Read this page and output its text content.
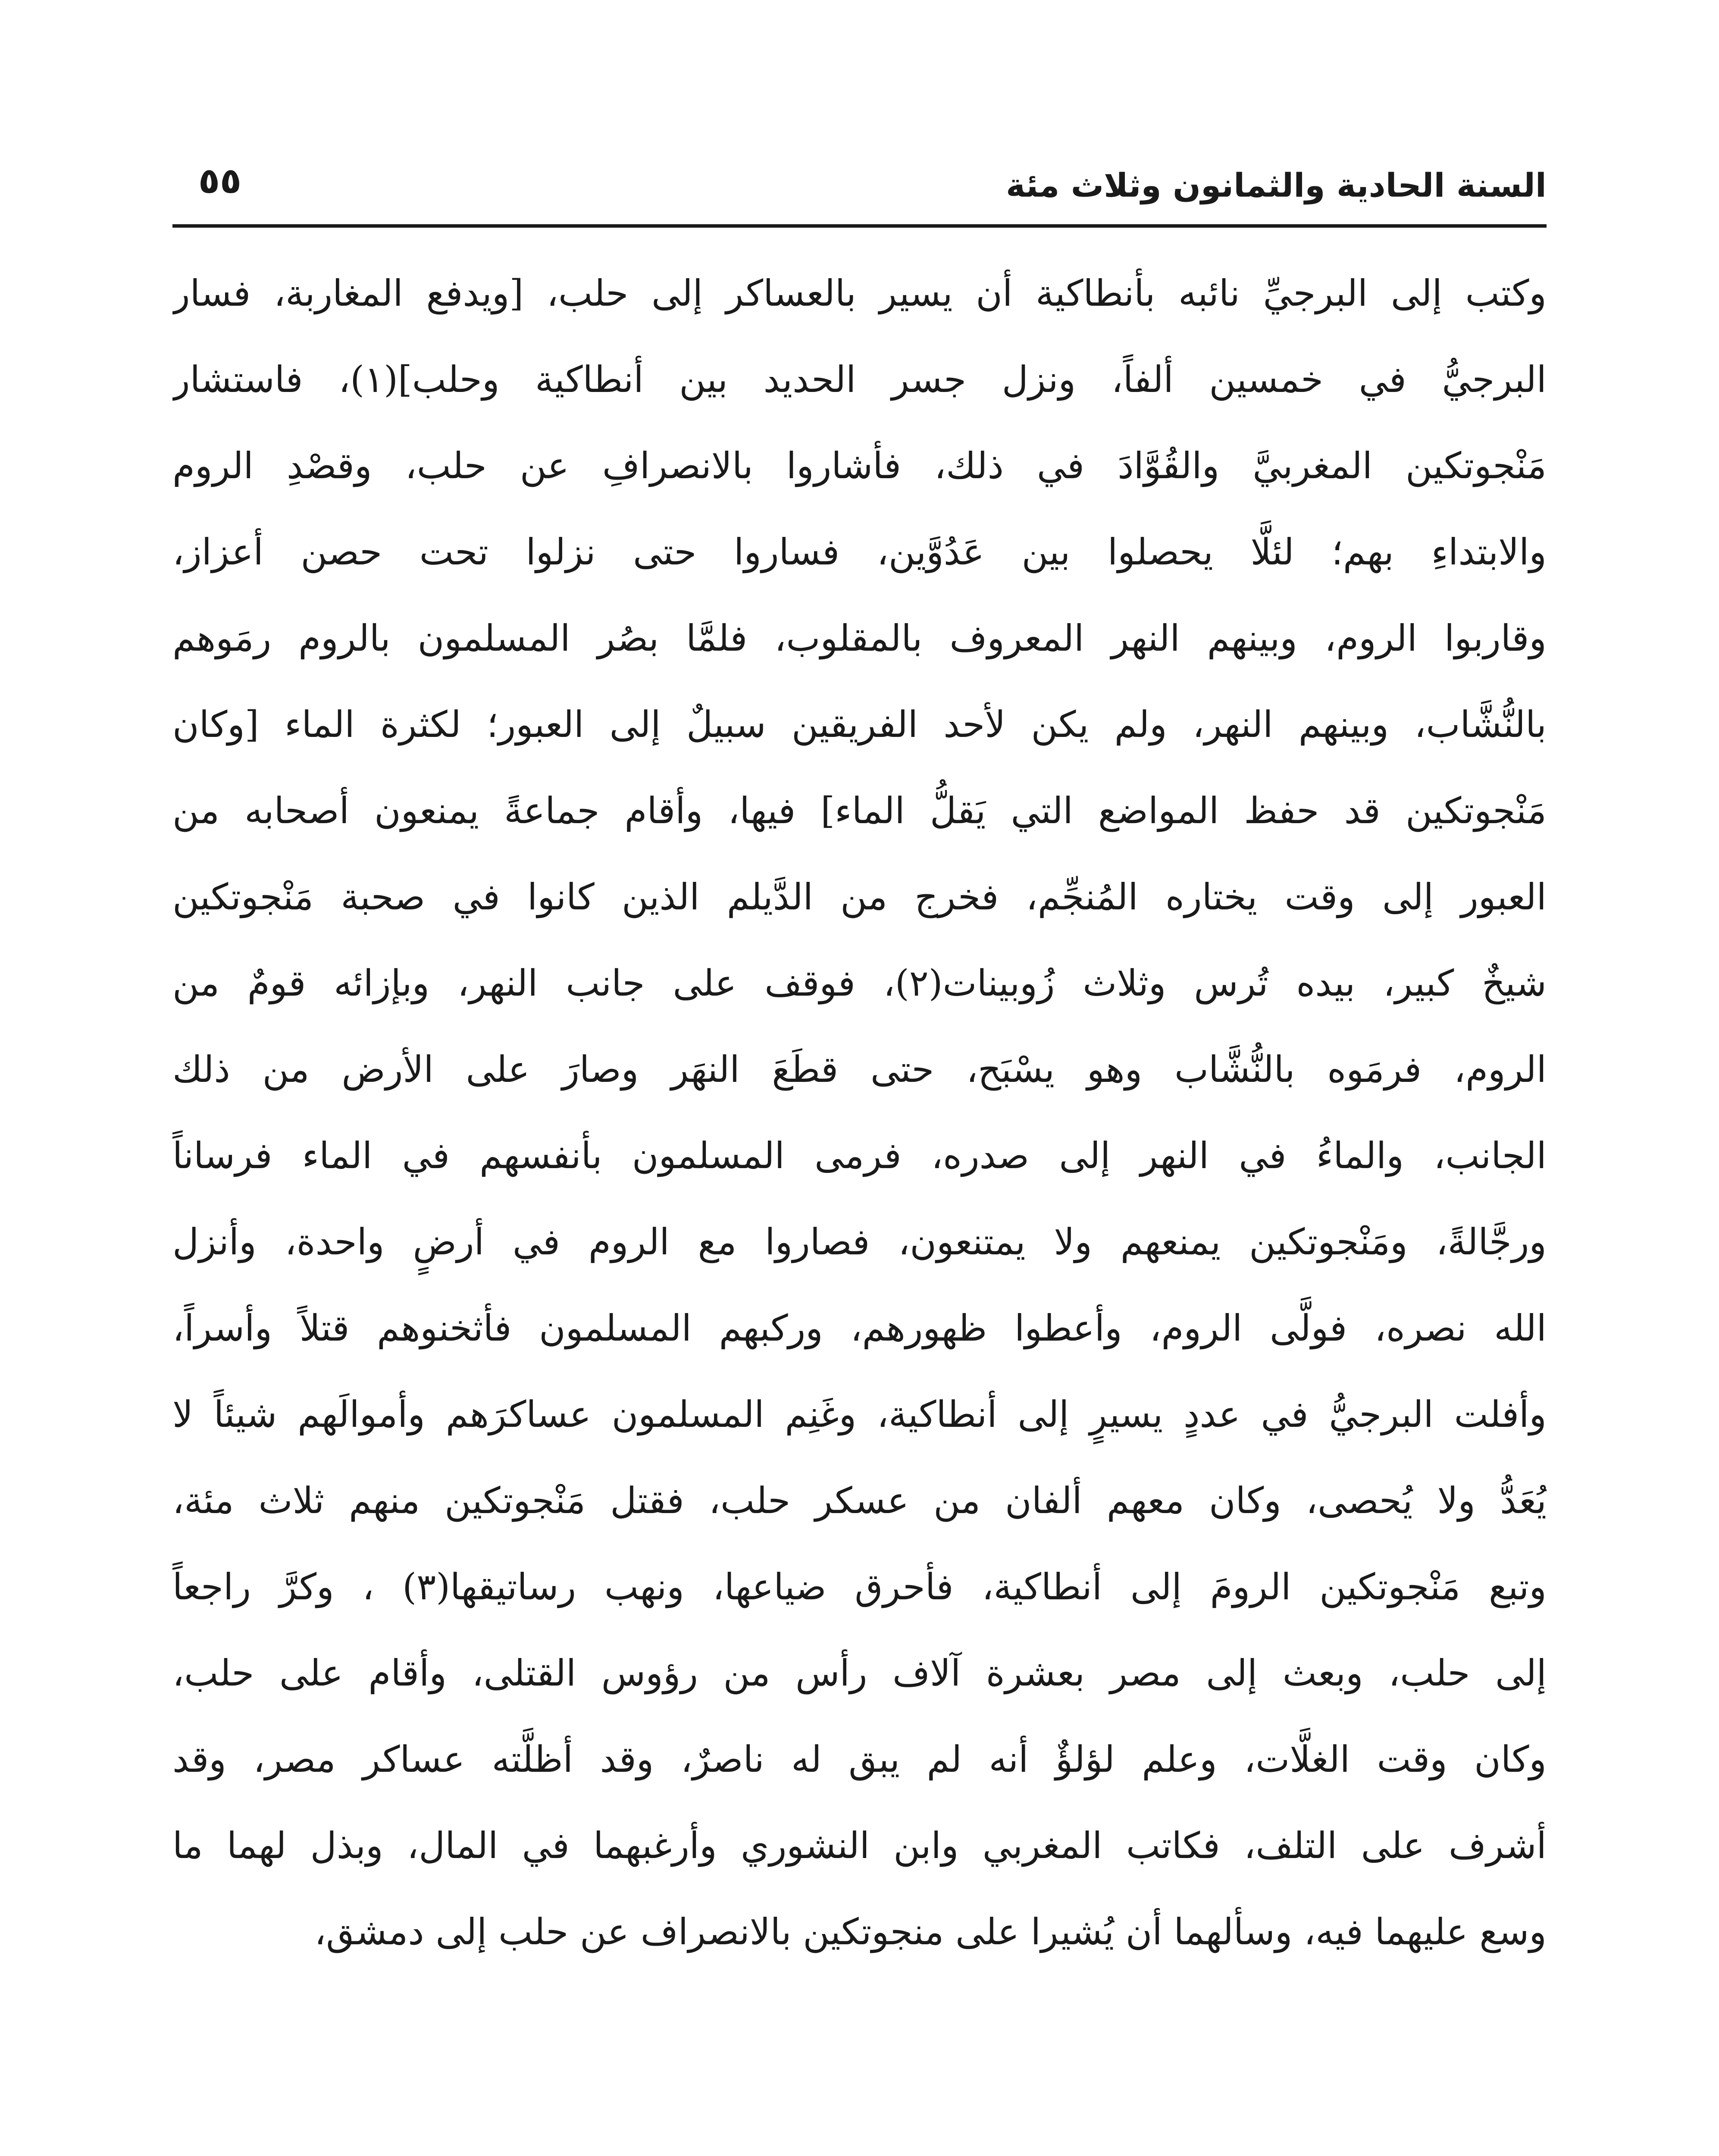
السنة الحادية والثمانون وثلاث مئة
٥٥
وكتب إلى البرجيِّ نائبه بأنطاكية أن يسير بالعساكر إلى حلب، [ويدفع المغاربة، فسار
البرجيُّ في خمسين ألفاً، ونزل جسر الحديد بين أنطاكية وحلب](١)، فاستشار
مَنْجوتكين المغربيَّ والقُوَّادَ في ذلك، فأشاروا بالانصرافِ عن حلب، وقصْدِ الروم
والابتداءِ بهم؛ لئلَّا يحصلوا بين عَدُوَّين، فساروا حتى نزلوا تحت حصن أعزاز،
وقاربوا الروم، وبينهم النهر المعروف بالمقلوب، فلمَّا بصُر المسلمون بالروم رمَوهم
بالنُّشَّاب، وبينهم النهر، ولم يكن لأحد الفريقين سبيلٌ إلى العبور؛ لكثرة الماء [وكان
مَنْجوتكين قد حفظ المواضع التي يَقلُّ الماء] فيها، وأقام جماعةً يمنعون أصحابه من
العبور إلى وقت يختاره المُنجِّم، فخرج من الدَّيلم الذين كانوا في صحبة مَنْجوتكين
شيخٌ كبير، بيده تُرس وثلاث زُوبينات(٢)، فوقف على جانب النهر، وبإزائه قومٌ من
الروم، فرمَوه بالنُّشَّاب وهو يسْبَح، حتى قطَعَ النهَر وصارَ على الأرض من ذلك
الجانب، والماءُ في النهر إلى صدره، فرمى المسلمون بأنفسهم في الماء فرساناً
ورجَّالةً، ومَنْجوتكين يمنعهم ولا يمتنعون، فصاروا مع الروم في أرضٍ واحدة، وأنزل
الله نصره، فولَّى الروم، وأعطوا ظهورهم، وركبهم المسلمون فأثخنوهم قتلاً وأسراً،
وأفلت البرجيُّ في عددٍ يسيرٍ إلى أنطاكية، وغَنِم المسلمون عساكرَهم وأموالَهم شيئاً لا
يُعَدُّ ولا يُحصى، وكان معهم ألفان من عسكر حلب، فقتل مَنْجوتكين منهم ثلاث مئة،
وتبع مَنْجوتكين الرومَ إلى أنطاكية، فأحرق ضياعها، ونهب رساتيقها(٣) ، وكرَّ راجعاً
إلى حلب، وبعث إلى مصر بعشرة آلاف رأس من رؤوس القتلى، وأقام على حلب،
وكان وقت الغلَّات، وعلم لؤلؤٌ أنه لم يبق له ناصرٌ، وقد أظلَّته عساكر مصر، وقد
أشرف على التلف، فكاتب المغربي وابن النشوري وأرغبهما في المال، وبذل لهما ما
وسع عليهما فيه، وسألهما أن يُشيرا على منجوتكين بالانصراف عن حلب إلى دمشق،
